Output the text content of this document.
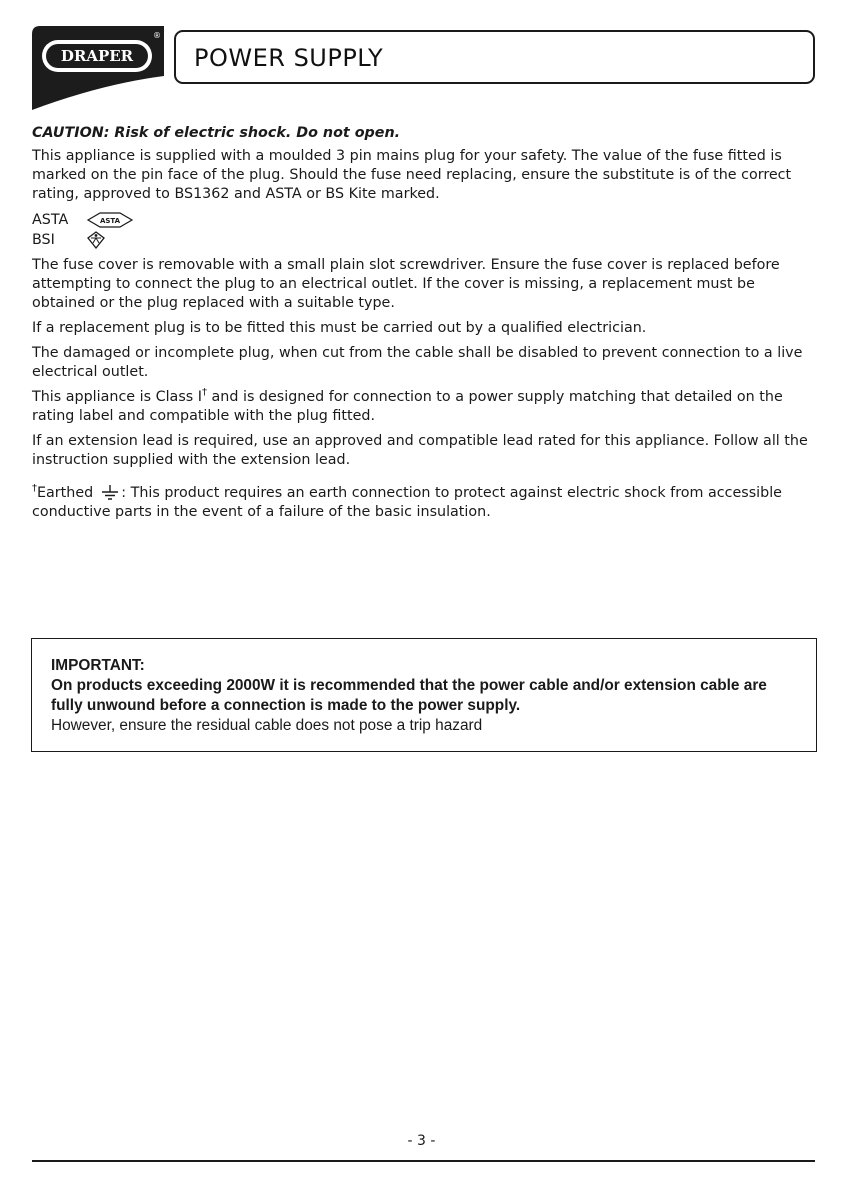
DRAPER
®
POWER SUPPLY

CAUTION: Risk of electric shock. Do not open.

This appliance is supplied with a moulded 3 pin mains plug for your safety. The value of the fuse fitted is marked on the pin face of the plug. Should the fuse need replacing, ensure the substitute is of the correct rating, approved to BS1362 and ASTA or BS Kite marked.

ASTA	ASTA
BSI

The fuse cover is removable with a small plain slot screwdriver. Ensure the fuse cover is replaced before attempting to connect the plug to an electrical outlet. If the cover is missing, a replacement must be obtained or the plug replaced with a suitable type.

If a replacement plug is to be fitted this must be carried out by a qualified electrician.

The damaged or incomplete plug, when cut from the cable shall be disabled to prevent connection to a live electrical outlet.

This appliance is Class I† and is designed for connection to a power supply matching that detailed on the rating label and compatible with the plug fitted.

If an extension lead is required, use an approved and compatible lead rated for this appliance. Follow all the instruction supplied with the extension lead.

†Earthed : This product requires an earth connection to protect against electric shock from accessible conductive parts in the event of a failure of the basic insulation.

IMPORTANT:
On products exceeding 2000W it is recommended that the power cable and/or extension cable are fully unwound before a connection is made to the power supply.
However, ensure the residual cable does not pose a trip hazard
- 3 -
